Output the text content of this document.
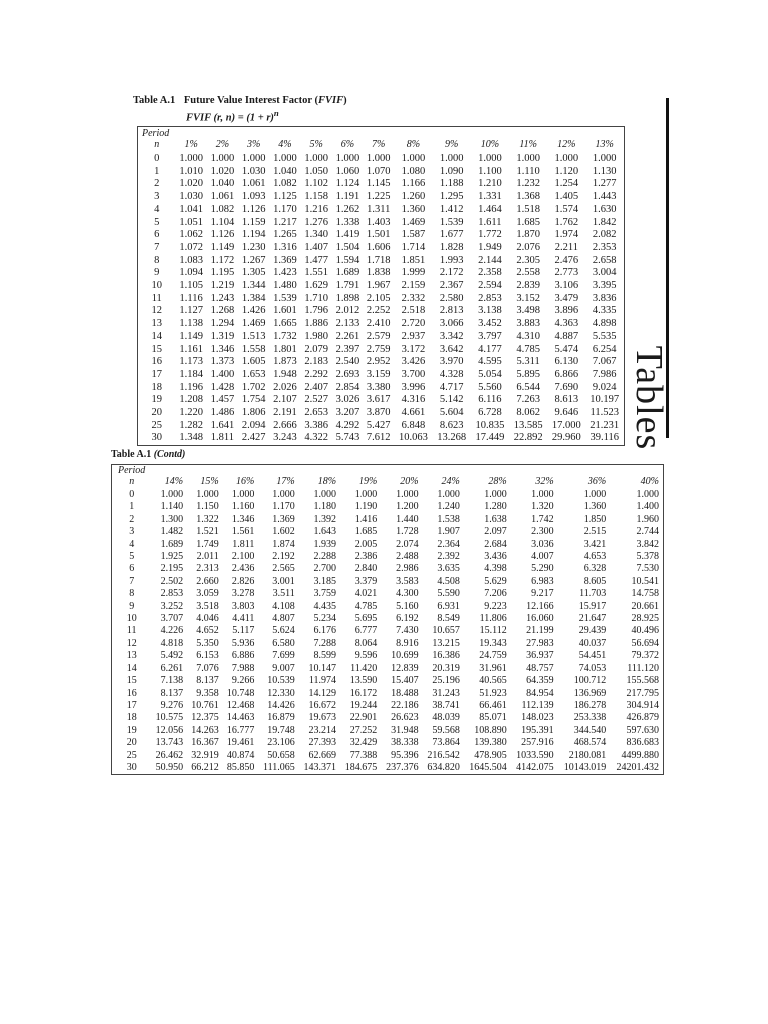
Table A.1 Future Value Interest Factor (FVIF)
FVIF (r, $n) = (1 + r)^n$
Period													
n	1%	2%	3%	4%	5%	6%	7%	8%	9%	10%	11%	12%	13%
0	1.000	1.000	1.000	1.000	1.000	1.000	1.000	1.000	1.000	1.000	1.000	1.000	1.000
1	1.010	1.020	1.030	1.040	1.050	1.060	1.070	1.080	1.090	1.100	1.110	1.120	1.130
2	1.020	1.040	1.061	1.082	1.102	1.124	1.145	1.166	1.188	1.210	1.232	1.254	1.277
3	1.030	1.061	1.093	1.125	1.158	1.191	1.225	1.260	1.295	1.331	1.368	1.405	1.443
4	1.041	1.082	1.126	1.170	1.216	1.262	1.311	1.360	1.412	1.464	1.518	1.574	1.630
5	1.051	1.104	1.159	1.217	1.276	1.338	1.403	1.469	1.539	1.611	1.685	1.762	1.842
6	1.062	1.126	1.194	1.265	1.340	1.419	1.501	1.587	1.677	1.772	1.870	1.974	2.082
7	1.072	1.149	1.230	1.316	1.407	1.504	1.606	1.714	1.828	1.949	2.076	2.211	2.353
8	1.083	1.172	1.267	1.369	1.477	1.594	1.718	1.851	1.993	2.144	2.305	2.476	2.658
9	1.094	1.195	1.305	1.423	1.551	1.689	1.838	1.999	2.172	2.358	2.558	2.773	3.004
10	1.105	1.219	1.344	1.480	1.629	1.791	1.967	2.159	2.367	2.594	2.839	3.106	3.395
11	1.116	1.243	1.384	1.539	1.710	1.898	2.105	2.332	2.580	2.853	3.152	3.479	3.836
12	1.127	1.268	1.426	1.601	1.796	2.012	2.252	2.518	2.813	3.138	3.498	3.896	4.335
13	1.138	1.294	1.469	1.665	1.886	2.133	2.410	2.720	3.066	3.452	3.883	4.363	4.898
14	1.149	1.319	1.513	1.732	1.980	2.261	2.579	2.937	3.342	3.797	4.310	4.887	5.535
15	1.161	1.346	1.558	1.801	2.079	2.397	2.759	3.172	3.642	4.177	4.785	5.474	6.254
16	1.173	1.373	1.605	1.873	2.183	2.540	2.952	3.426	3.970	4.595	5.311	6.130	7.067
17	1.184	1.400	1.653	1.948	2.292	2.693	3.159	3.700	4.328	5.054	5.895	6.866	7.986
18	1.196	1.428	1.702	2.026	2.407	2.854	3.380	3.996	4.717	5.560	6.544	7.690	9.024
19	1.208	1.457	1.754	2.107	2.527	3.026	3.617	4.316	5.142	6.116	7.263	8.613	10.197
20	1.220	1.486	1.806	2.191	2.653	3.207	3.870	4.661	5.604	6.728	8.062	9.646	11.523
25	1.282	1.641	2.094	2.666	3.386	4.292	5.427	6.848	8.623	10.835	13.585	17.000	21.231
30	1.348	1.811	2.427	3.243	4.322	5.743	7.612	10.063	13.268	17.449	22.892	29.960	39.116 Tables
Table A.1 (Contd)
Period												
n	14%	15%	16%	17%	18%	19%	20%	24%	28%	32%	36%	40%
0	1.000	1.000	1.000	1.000	1.000	1.000	1.000	1.000	1.000	1.000	1.000	1.000
1	1.140	1.150	1.160	1.170	1.180	1.190	1.200	1.240	1.280	1.320	1.360	1.400
2	1.300	1.322	1.346	1.369	1.392	1.416	1.440	1.538	1.638	1.742	1.850	1.960
3	1.482	1.521	1.561	1.602	1.643	1.685	1.728	1.907	2.097	2.300	2.515	2.744
4	1.689	1.749	1.811	1.874	1.939	2.005	2.074	2.364	2.684	3.036	3.421	3.842
5	1.925	2.011	2.100	2.192	2.288	2.386	2.488	2.392	3.436	4.007	4.653	5.378
6	2.195	2.313	2.436	2.565	2.700	2.840	2.986	3.635	4.398	5.290	6.328	7.530
7	2.502	2.660	2.826	3.001	3.185	3.379	3.583	4.508	5.629	6.983	8.605	10.541
8	2.853	3.059	3.278	3.511	3.759	4.021	4.300	5.590	7.206	9.217	11.703	14.758
9	3.252	3.518	3.803	4.108	4.435	4.785	5.160	6.931	9.223	12.166	15.917	20.661
10	3.707	4.046	4.411	4.807	5.234	5.695	6.192	8.549	11.806	16.060	21.647	28.925
11	4.226	4.652	5.117	5.624	6.176	6.777	7.430	10.657	15.112	21.199	29.439	40.496
12	4.818	5.350	5.936	6.580	7.288	8.064	8.916	13.215	19.343	27.983	40.037	56.694
13	5.492	6.153	6.886	7.699	8.599	9.596	10.699	16.386	24.759	36.937	54.451	79.372
14	6.261	7.076	7.988	9.007	10.147	11.420	12.839	20.319	31.961	48.757	74.053	111.120
15	7.138	8.137	9.266	10.539	11.974	13.590	15.407	25.196	40.565	64.359	100.712	155.568
16	8.137	9.358	10.748	12.330	14.129	16.172	18.488	31.243	51.923	84.954	136.969	217.795
17	9.276	10.761	12.468	14.426	16.672	19.244	22.186	38.741	66.461	112.139	186.278	304.914
18	10.575	12.375	14.463	16.879	19.673	22.901	26.623	48.039	85.071	148.023	253.338	426.879
19	12.056	14.263	16.777	19.748	23.214	27.252	31.948	59.568	108.890	195.391	344.540	597.630
20	13.743	16.367	19.461	23.106	27.393	32.429	38.338	73.864	139.380	257.916	468.574	836.683
25	26.462	32.919	40.874	50.658	62.669	77.388	95.396	216.542	478.905	1033.590	2180.081	4499.880
30	50.950	66.212	85.850	111.065	143.371	184.675	237.376	634.820	1645.504	4142.075	10143.019	24201.432
